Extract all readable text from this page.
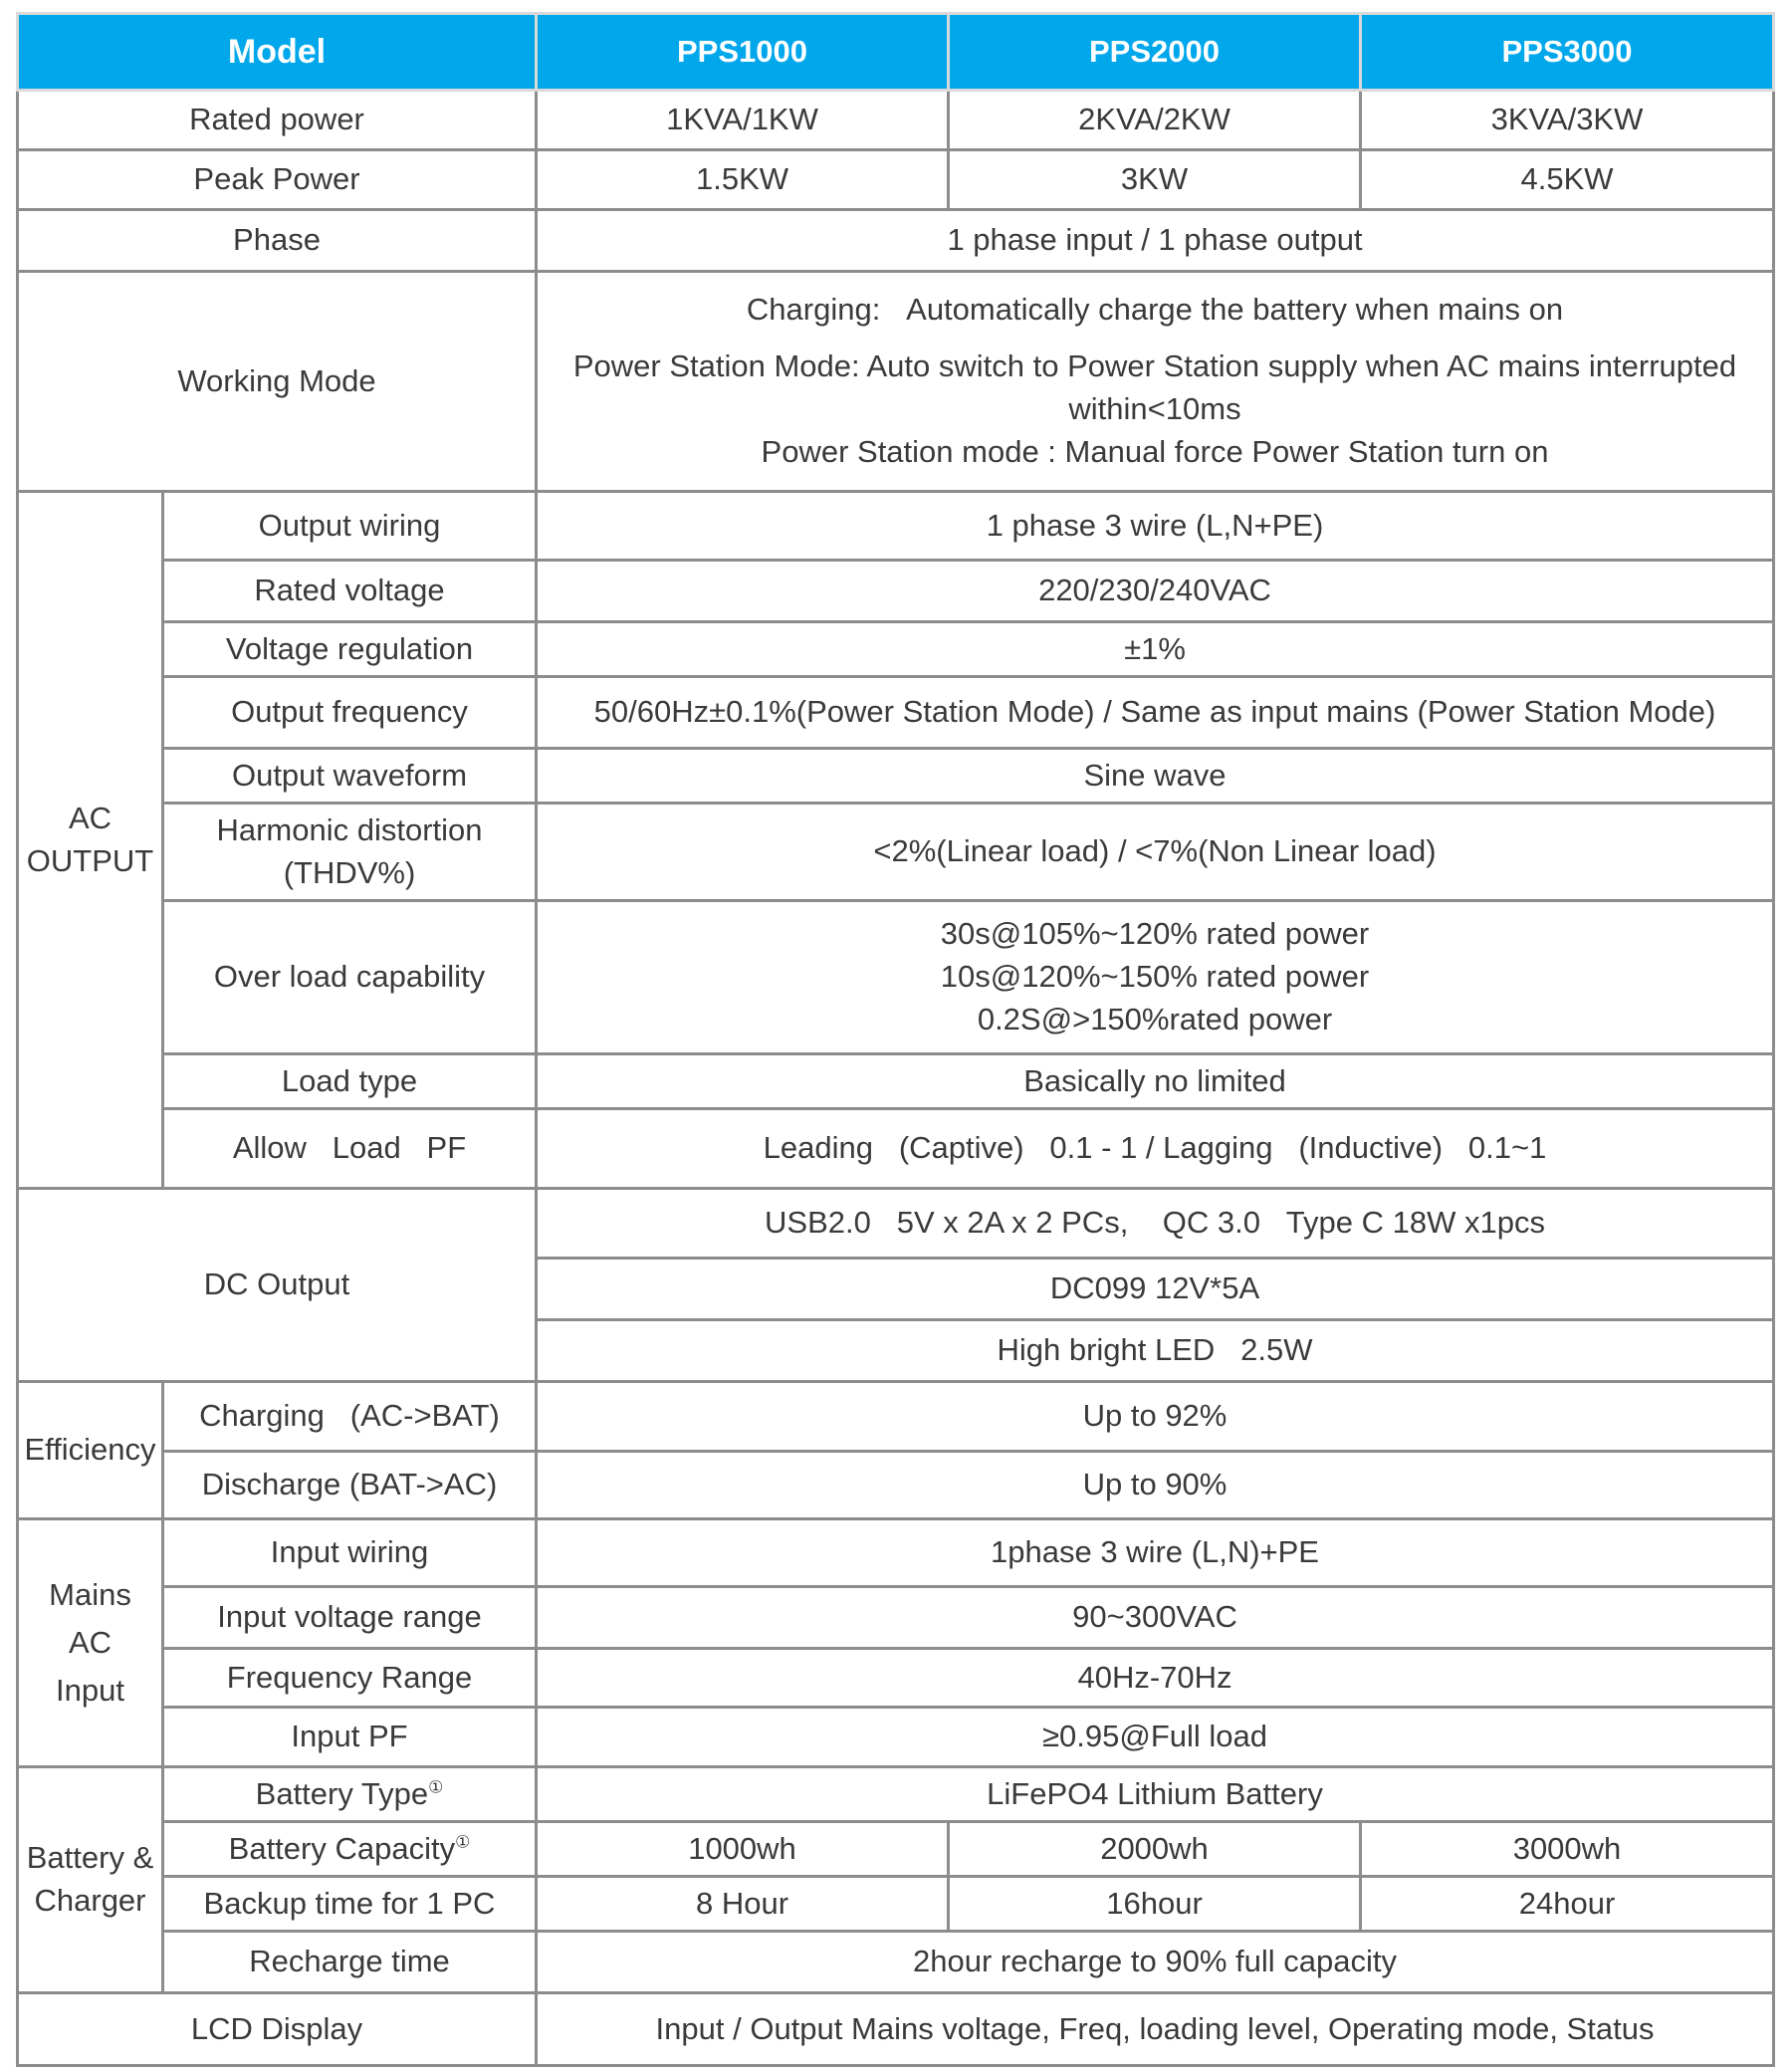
Model		PPS1000	PPS2000	PPS3000
Rated power		1KVA/1KW	2KVA/2KW	3KVA/3KW
Peak Power		1.5KW	3KW	4.5KW
Phase		1 phase input / 1 phase output		
Working Mode		Charging:   Automatically charge the battery when mains on
Power Station Mode: Auto switch to Power Station supply when AC mains interrupted within<10ms
Power Station mode : Manual force Power Station turn on		

AC OUTPUT	Output wiring	1 phase 3 wire (L,N+PE)		
	Rated voltage	220/230/240VAC		
	Voltage regulation	±1%		
	Output frequency	50/60Hz±0.1%(Power Station Mode) / Same as input mains (Power Station Mode)		
	Output waveform	Sine wave		
	Harmonic distortion (THDV%)	<2%(Linear load) / <7%(Non Linear load)		
	Over load capability	30s@105%~120% rated power
10s@120%~150% rated power
0.2S@>150%rated power		

	Load type	Basically no limited		
	Allow   Load   PF	Leading   (Captive)   0.1 - 1 / Lagging   (Inductive)   0.1~1		
DC Output		USB2.0   5V x 2A x 2 PCs,    QC 3.0   Type C 18W x1pcs		
		DC099 12V*5A		
		High bright LED   2.5W		
Efficiency	Charging   (AC->BAT)	Up to 92%		
	Discharge (BAT->AC)	Up to 90%		
Mains AC Input	Input wiring	1phase 3 wire (L,N)+PE		
	Input voltage range	90~300VAC		
	Frequency Range	40Hz-70Hz		
	Input PF	≥0.95@Full load		
Battery & Charger	Battery Type①	LiFePO4 Lithium Battery		
	Battery Capacity①	1000wh	2000wh	3000wh
	Backup time for 1 PC	8 Hour	16hour	24hour
	Recharge time	2hour recharge to 90% full capacity		
LCD Display		Input / Output Mains voltage, Freq, loading level, Operating mode, Status		
